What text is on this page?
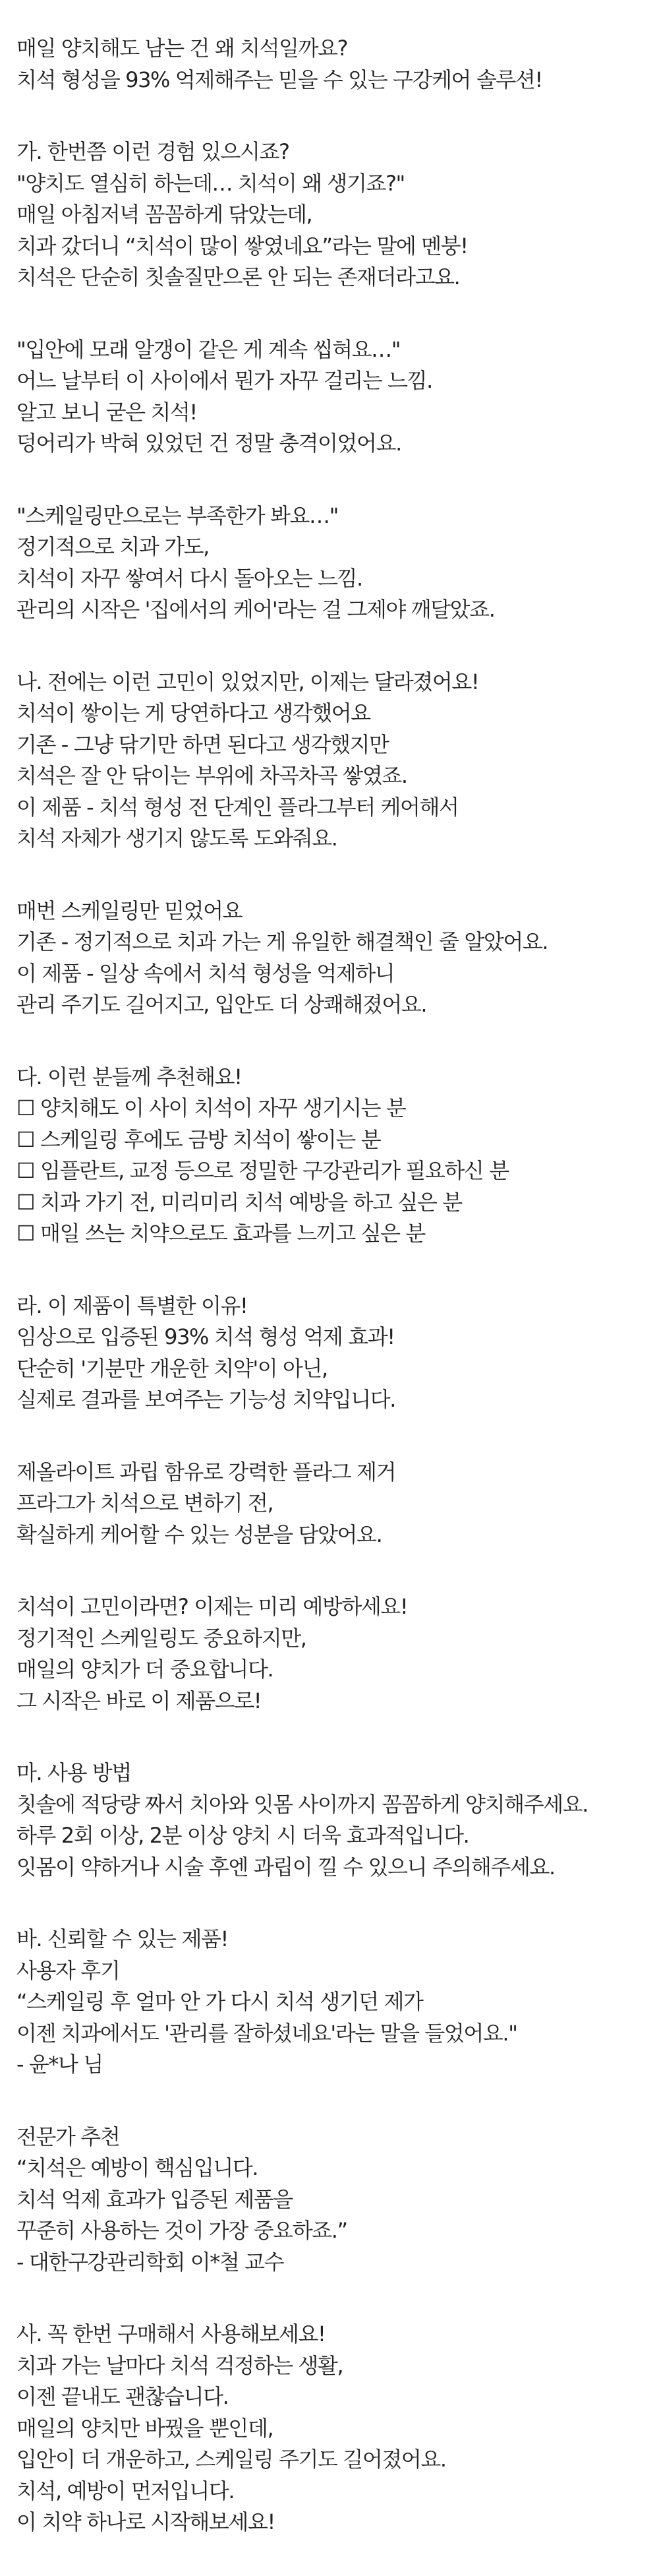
매일 양치해도 남는 건 왜 치석일까요?
치석 형성을 93% 억제해주는 믿을 수 있는 구강케어 솔루션!
가. 한번쯤 이런 경험 있으시죠?
"양치도 열심히 하는데… 치석이 왜 생기죠?"
매일 아침저녁 꼼꼼하게 닦았는데,
치과 갔더니 “치석이 많이 쌓였네요”라는 말에 멘붕!
치석은 단순히 칫솔질만으론 안 되는 존재더라고요.
"입안에 모래 알갱이 같은 게 계속 씹혀요…"
어느 날부터 이 사이에서 뭔가 자꾸 걸리는 느낌.
알고 보니 굳은 치석!
덩어리가 박혀 있었던 건 정말 충격이었어요.
"스케일링만으로는 부족한가 봐요…"
정기적으로 치과 가도,
치석이 자꾸 쌓여서 다시 돌아오는 느낌.
관리의 시작은 '집에서의 케어'라는 걸 그제야 깨달았죠.
나. 전에는 이런 고민이 있었지만, 이제는 달라졌어요!
치석이 쌓이는 게 당연하다고 생각했어요
기존 - 그냥 닦기만 하면 된다고 생각했지만
치석은 잘 안 닦이는 부위에 차곡차곡 쌓였죠.
이 제품 - 치석 형성 전 단계인 플라그부터 케어해서
치석 자체가 생기지 않도록 도와줘요.
매번 스케일링만 믿었어요
기존 - 정기적으로 치과 가는 게 유일한 해결책인 줄 알았어요.
이 제품 - 일상 속에서 치석 형성을 억제하니
관리 주기도 길어지고, 입안도 더 상쾌해졌어요.
다. 이런 분들께 추천해요!
☐ 양치해도 이 사이 치석이 자꾸 생기시는 분
☐ 스케일링 후에도 금방 치석이 쌓이는 분
☐ 임플란트, 교정 등으로 정밀한 구강관리가 필요하신 분
☐ 치과 가기 전, 미리미리 치석 예방을 하고 싶은 분
☐ 매일 쓰는 치약으로도 효과를 느끼고 싶은 분
라. 이 제품이 특별한 이유!
임상으로 입증된 93% 치석 형성 억제 효과!
단순히 '기분만 개운한 치약'이 아닌,
실제로 결과를 보여주는 기능성 치약입니다.
제올라이트 과립 함유로 강력한 플라그 제거
프라그가 치석으로 변하기 전,
확실하게 케어할 수 있는 성분을 담았어요.
치석이 고민이라면? 이제는 미리 예방하세요!
정기적인 스케일링도 중요하지만,
매일의 양치가 더 중요합니다.
그 시작은 바로 이 제품으로!
마. 사용 방법
칫솔에 적당량 짜서 치아와 잇몸 사이까지 꼼꼼하게 양치해주세요.
하루 2회 이상, 2분 이상 양치 시 더욱 효과적입니다.
잇몸이 약하거나 시술 후엔 과립이 낄 수 있으니 주의해주세요.
바. 신뢰할 수 있는 제품!
사용자 후기
“스케일링 후 얼마 안 가 다시 치석 생기던 제가
이젠 치과에서도 '관리를 잘하셨네요'라는 말을 들었어요."
- 윤*나 님
전문가 추천
“치석은 예방이 핵심입니다.
치석 억제 효과가 입증된 제품을
꾸준히 사용하는 것이 가장 중요하죠.”
- 대한구강관리학회 이*철 교수
사. 꼭 한번 구매해서 사용해보세요!
치과 가는 날마다 치석 걱정하는 생활,
이젠 끝내도 괜찮습니다.
매일의 양치만 바꿨을 뿐인데,
입안이 더 개운하고, 스케일링 주기도 길어졌어요.
치석, 예방이 먼저입니다.
이 치약 하나로 시작해보세요!
